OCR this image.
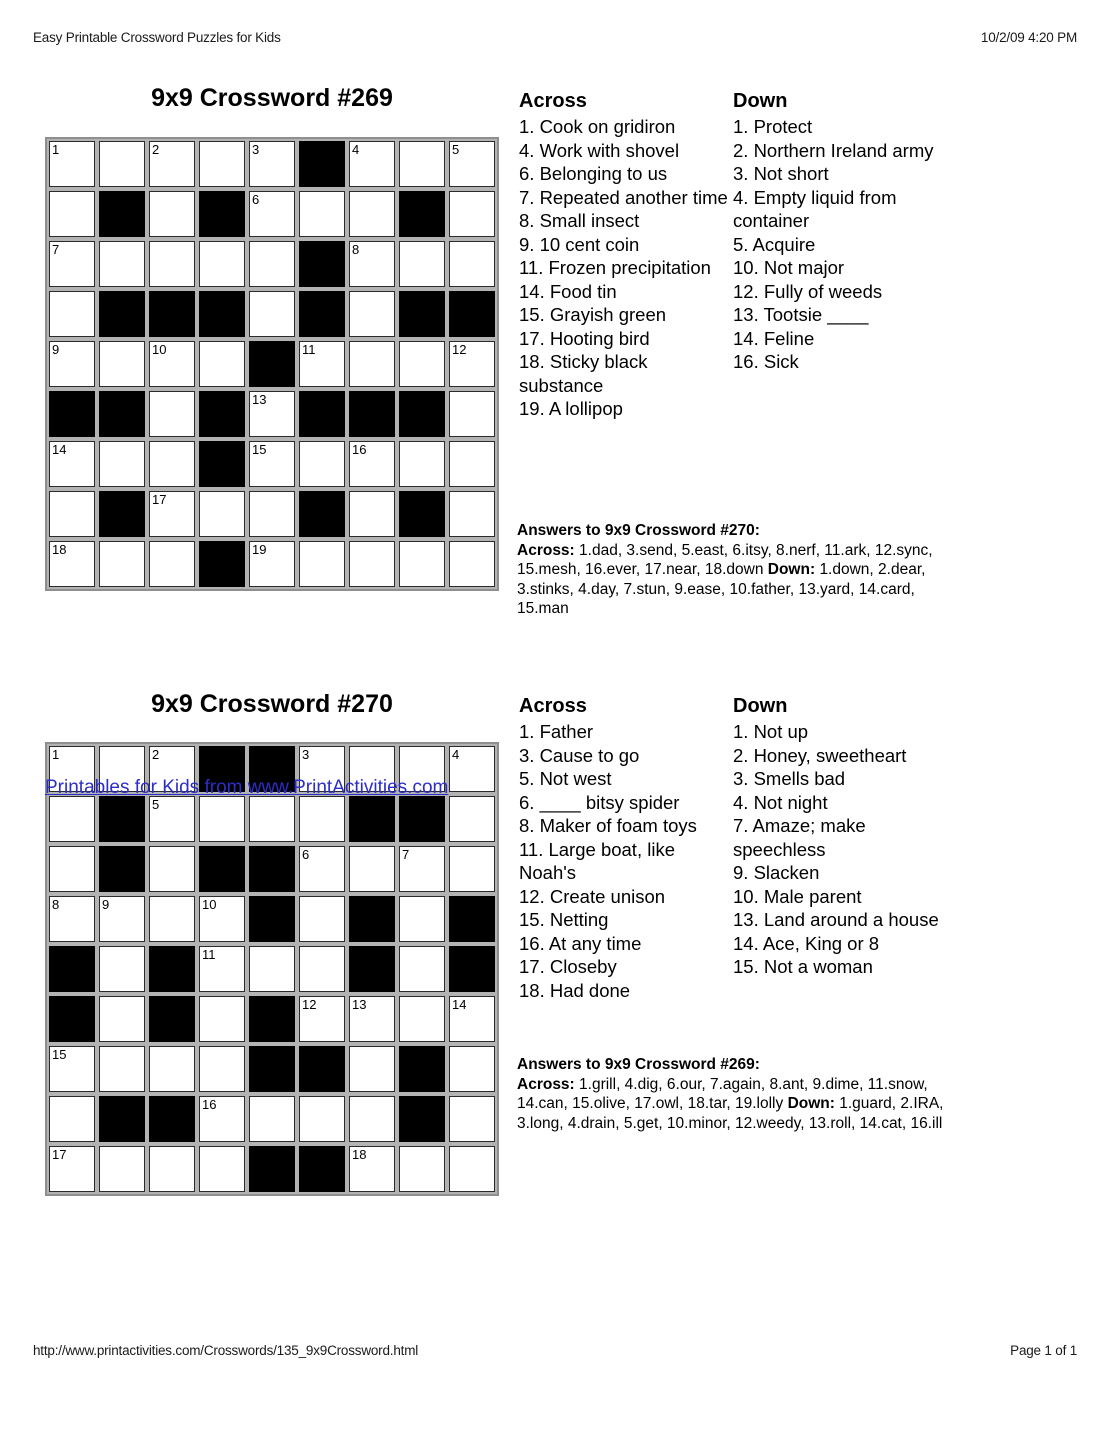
Easy Printable Crossword Puzzles for Kids	10/2/09 4:20 PM
9x9 Crossword #269
1	2	3	4	5
6
7	8
9	10	11	12
13
14	15	16
17
18	19
Across
1. Cook on gridiron
4. Work with shovel
6. Belonging to us
7. Repeated another time
8. Small insect
9. 10 cent coin
11. Frozen precipitation
14. Food tin
15. Grayish green
17. Hooting bird
18. Sticky black substance
19. A lollipop
Down
1. Protect
2. Northern Ireland army
3. Not short
4. Empty liquid from container
5. Acquire
10. Not major
12. Fully of weeds
13. Tootsie ____
14. Feline
16. Sick
Answers to 9x9 Crossword #270:
Across: 1.dad, 3.send, 5.east, 6.itsy, 8.nerf, 11.ark, 12.sync, 15.mesh, 16.ever, 17.near, 18.down Down: 1.down, 2.dear, 3.stinks, 4.day, 7.stun, 9.ease, 10.father, 13.yard, 14.card, 15.man
9x9 Crossword #270
1	2	3	4
5
6	7
8	9	10
11
12	13	14
15
16
17	18
Printables for Kids from www.PrintActivities.com
Across
1. Father
3. Cause to go
5. Not west
6. ____ bitsy spider
8. Maker of foam toys
11. Large boat, like Noah's
12. Create unison
15. Netting
16. At any time
17. Closeby
18. Had done
Down
1. Not up
2. Honey, sweetheart
3. Smells bad
4. Not night
7. Amaze; make speechless
9. Slacken
10. Male parent
13. Land around a house
14. Ace, King or 8
15. Not a woman
Answers to 9x9 Crossword #269:
Across: 1.grill, 4.dig, 6.our, 7.again, 8.ant, 9.dime, 11.snow, 14.can, 15.olive, 17.owl, 18.tar, 19.lolly Down: 1.guard, 2.IRA, 3.long, 4.drain, 5.get, 10.minor, 12.weedy, 13.roll, 14.cat, 16.ill
http://www.printactivities.com/Crosswords/135_9x9Crossword.html	Page 1 of 1
